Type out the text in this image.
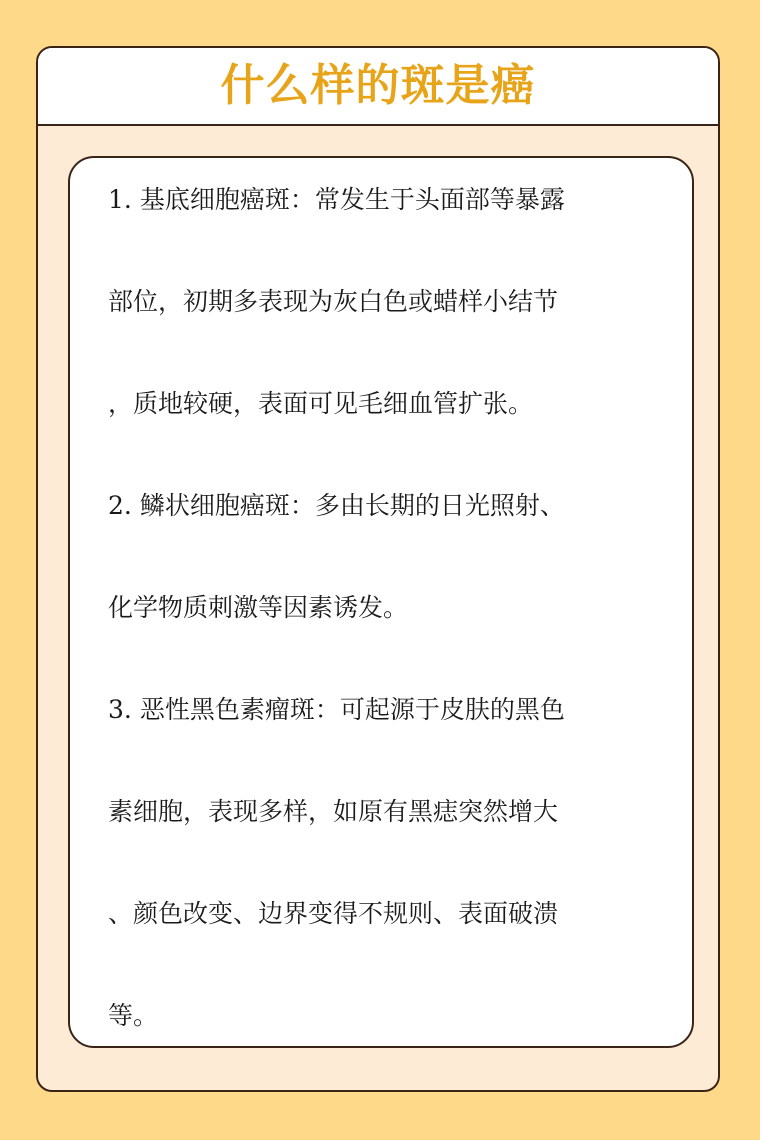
什么样的斑是癌
1. 基底细胞癌斑：常发生于头面部等暴露
部位，初期多表现为灰白色或蜡样小结节
，质地较硬，表面可见毛细血管扩张。
2. 鳞状细胞癌斑：多由长期的日光照射、
化学物质刺激等因素诱发。
3. 恶性黑色素瘤斑：可起源于皮肤的黑色
素细胞，表现多样，如原有黑痣突然增大
、颜色改变、边界变得不规则、表面破溃
等。
